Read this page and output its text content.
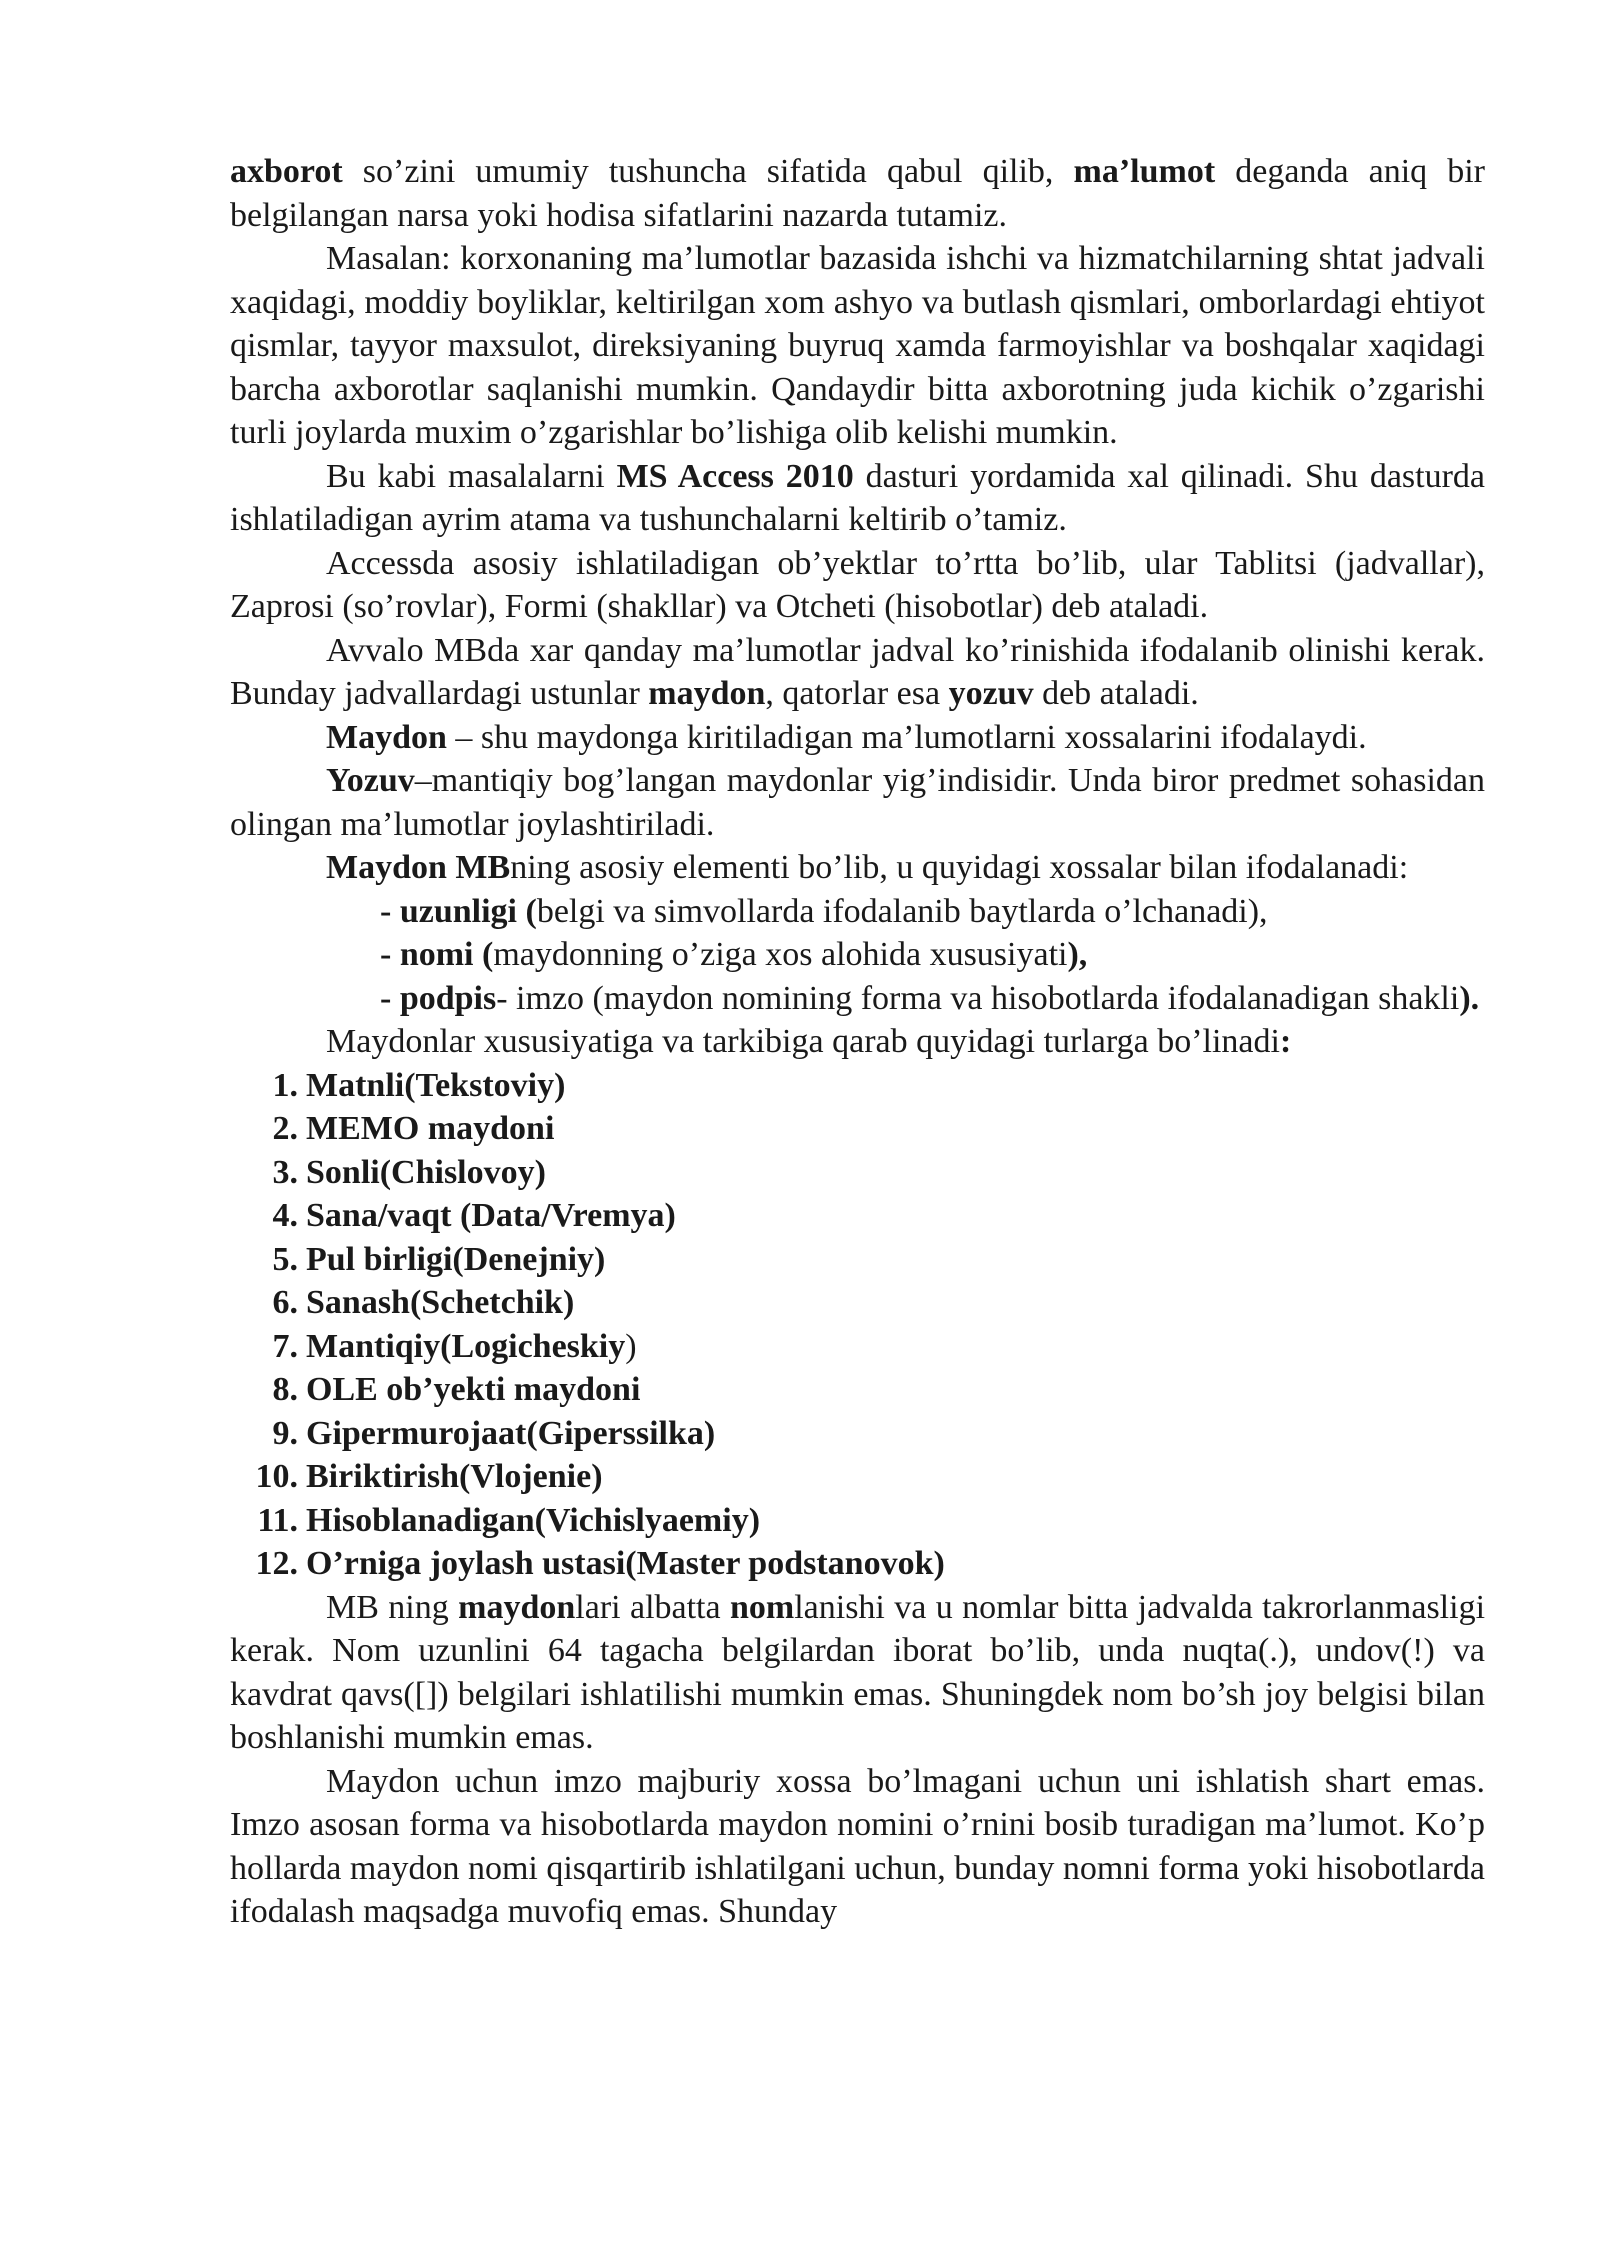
axborot so’zini umumiy tushuncha sifatida qabul qilib, ma’lumot deganda aniq bir belgilangan narsa yoki hodisa sifatlarini nazarda tutamiz.

Masalan: korxonaning ma’lumotlar bazasida ishchi va hizmatchilarning shtat jadvali xaqidagi, moddiy boyliklar, keltirilgan xom ashyo va butlash qismlari, omborlardagi ehtiyot qismlar, tayyor maxsulot, direksiyaning buyruq xamda farmoyishlar va boshqalar xaqidagi barcha axborotlar saqlanishi mumkin. Qandaydir bitta axborotning juda kichik o’zgarishi turli joylarda muxim o’zgarishlar bo’lishiga olib kelishi mumkin.

Bu kabi masalalarni MS Access 2010 dasturi yordamida xal qilinadi. Shu dasturda ishlatiladigan ayrim atama va tushunchalarni keltirib o’tamiz.

Accessda asosiy ishlatiladigan ob’yektlar to’rtta bo’lib, ular Tablitsi (jadvallar), Zaprosi (so’rovlar), Formi (shakllar) va Otcheti (hisobotlar) deb ataladi.

Avvalo MBda xar qanday ma’lumotlar jadval ko’rinishida ifodalanib olinishi kerak. Bunday jadvallardagi ustunlar maydon, qatorlar esa yozuv deb ataladi.

Maydon – shu maydonga kiritiladigan ma’lumotlarni xossalarini ifodalaydi.

Yozuv–mantiqiy bog’langan maydonlar yig’indisidir. Unda biror predmet sohasidan olingan ma’lumotlar joylashtiriladi.

Maydon MBning asosiy elementi bo’lib, u quyidagi xossalar bilan ifodalanadi:

- uzunligi (belgi va simvollarda ifodalanib baytlarda o’lchanadi),

- nomi (maydonning o’ziga xos alohida xususiyati),

- podpis- imzo (maydon nomining forma va hisobotlarda ifodalanadigan shakli).

Maydonlar xususiyatiga va tarkibiga qarab quyidagi turlarga bo’linadi:

1. Matnli(Tekstoviy)
2. MEMO maydoni
3. Sonli(Chislovoy)
4. Sana/vaqt (Data/Vremya)
5. Pul birligi(Denejniy)
6. Sanash(Schetchik)
7. Mantiqiy(Logicheskiy )
8. OLE ob’yekti maydoni
9. Gipermurojaat(Giperssilka)
10. Biriktirish(Vlojenie)
11. Hisoblanadigan(Vichislyaemiy)
12. O’rniga joylash ustasi(Master podstanovok)

MB ning maydonlari albatta nomlanishi va u nomlar bitta jadvalda takrorlanmasligi kerak. Nom uzunlini 64 tagacha belgilardan iborat bo’lib, unda nuqta(.), undov(!) va kavdrat qavs([]) belgilari ishlatilishi mumkin emas. Shuningdek nom bo’sh joy belgisi bilan boshlanishi mumkin emas.

Maydon uchun imzo majburiy xossa bo’lmagani uchun uni ishlatish shart emas. Imzo asosan forma va hisobotlarda maydon nomini o’rnini bosib turadigan ma’lumot. Ko’p hollarda maydon nomi qisqartirib ishlatilgani uchun, bunday nomni forma yoki hisobotlarda ifodalash maqsadga muvofiq emas. Shunday
